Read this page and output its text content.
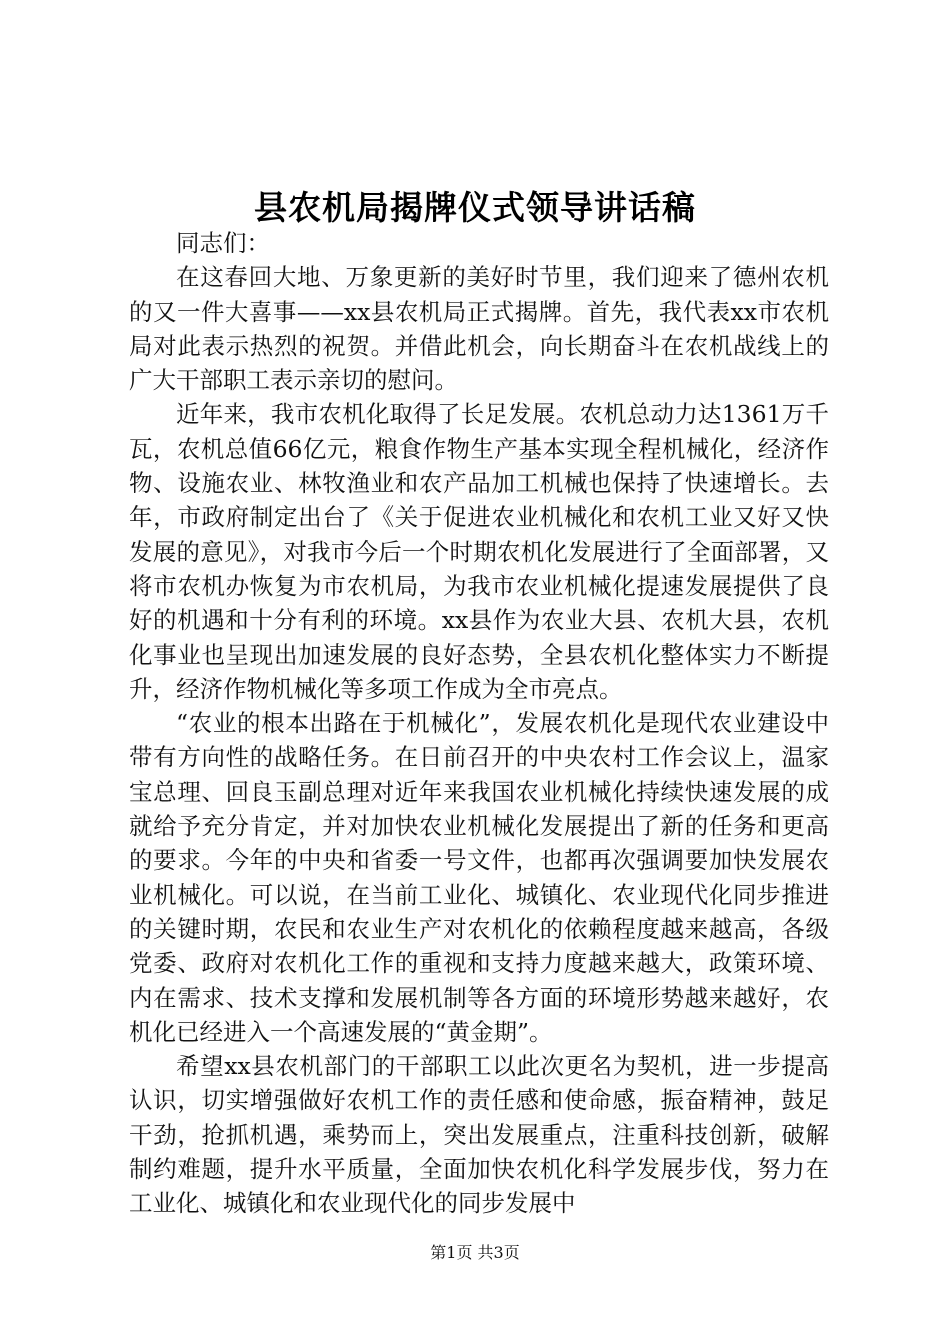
县农机局揭牌仪式领导讲话稿

同志们：

在这春回大地、万象更新的美好时节里，我们迎来了德州农机的又一件大喜事——xx县农机局正式揭牌。首先，我代表xx市农机局对此表示热烈的祝贺。并借此机会，向长期奋斗在农机战线上的广大干部职工表示亲切的慰问。

近年来，我市农机化取得了长足发展。农机总动力达1361万千瓦，农机总值66亿元，粮食作物生产基本实现全程机械化，经济作物、设施农业、林牧渔业和农产品加工机械也保持了快速增长。去年，市政府制定出台了《关于促进农业机械化和农机工业又好又快发展的意见》，对我市今后一个时期农机化发展进行了全面部署，又将市农机办恢复为市农机局，为我市农业机械化提速发展提供了良好的机遇和十分有利的环境。xx县作为农业大县、农机大县，农机化事业也呈现出加速发展的良好态势，全县农机化整体实力不断提升，经济作物机械化等多项工作成为全市亮点。

“农业的根本出路在于机械化”，发展农机化是现代农业建设中带有方向性的战略任务。在日前召开的中央农村工作会议上，温家宝总理、回良玉副总理对近年来我国农业机械化持续快速发展的成就给予充分肯定，并对加快农业机械化发展提出了新的任务和更高的要求。今年的中央和省委一号文件，也都再次强调要加快发展农业机械化。可以说，在当前工业化、城镇化、农业现代化同步推进的关键时期，农民和农业生产对农机化的依赖程度越来越高，各级党委、政府对农机化工作的重视和支持力度越来越大，政策环境、内在需求、技术支撑和发展机制等各方面的环境形势越来越好，农机化已经进入一个高速发展的“黄金期”。

希望xx县农机部门的干部职工以此次更名为契机，进一步提高认识，切实增强做好农机工作的责任感和使命感，振奋精神，鼓足干劲，抢抓机遇，乘势而上，突出发展重点，注重科技创新，破解制约难题，提升水平质量，全面加快农机化科学发展步伐，努力在工业化、城镇化和农业现代化的同步发展中

第1页 共3页
